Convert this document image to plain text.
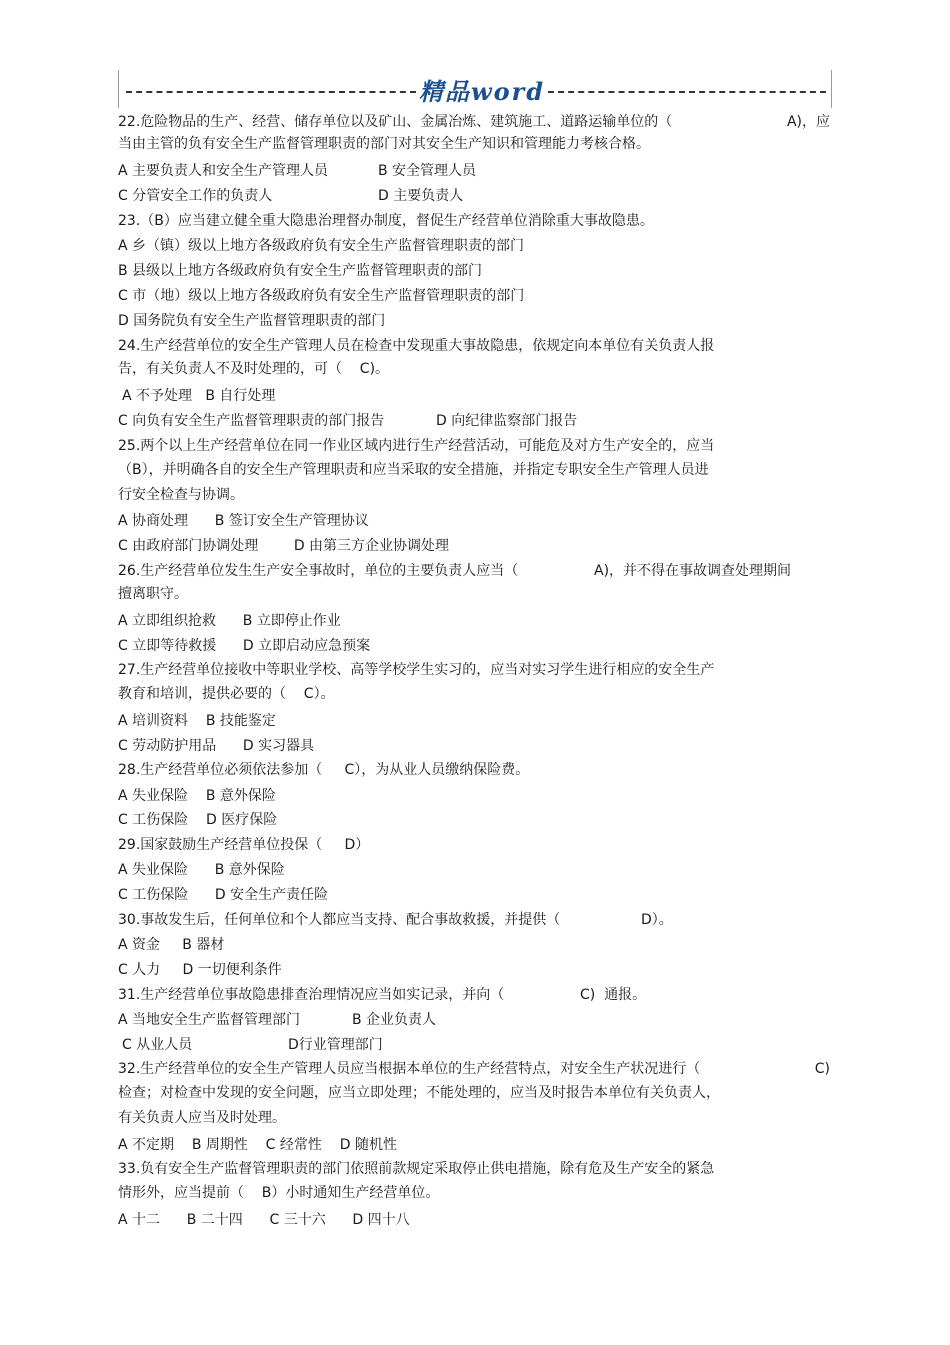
精品word
22.危险物品的生产、经营、储存单位以及矿山、金属冶炼、建筑施工、道路运输单位的（
当由主管的负有安全生产监督管理职责的部门对其安全生产知识和管理能力考核合格。
A 主要负责人和安全生产管理人员	B 安全管理人员
C 分管安全工作的负责人	D 主要负责人
23.（B）应当建立健全重大隐患治理督办制度，督促生产经营单位消除重大事故隐患。
A 乡（镇）级以上地方各级政府负有安全生产监督管理职责的部门
B 县级以上地方各级政府负有安全生产监督管理职责的部门
C 市（地）级以上地方各级政府负有安全生产监督管理职责的部门
D 国务院负有安全生产监督管理职责的部门
24.生产经营单位的安全生产管理人员在检查中发现重大事故隐患，依规定向本单位有关负责人报
告，有关负责人不及时处理的，可（    C)。
A 不予处理   B 自行处理
C 向负有安全生产监督管理职责的部门报告	D 向纪律监察部门报告
25.两个以上生产经营单位在同一作业区域内进行生产经营活动，可能危及对方生产安全的，应当
（B），并明确各自的安全生产管理职责和应当采取的安全措施，并指定专职安全生产管理人员进
行安全检查与协调。
A 协商处理      B 签订安全生产管理协议
C 由政府部门协调处理        D 由第三方企业协调处理
26.生产经营单位发生生产安全事故时，单位的主要负责人应当（	A)，并不得在事故调查处理期间
擅离职守。
A 立即组织抢救      B 立即停止作业
C 立即等待救援      D 立即启动应急预案
27.生产经营单位接收中等职业学校、高等学校学生实习的，应当对实习学生进行相应的安全生产
教育和培训，提供必要的（    C）。
A 培训资料    B 技能鉴定
C 劳动防护用品      D 实习器具
28.生产经营单位必须依法参加（     C），为从业人员缴纳保险费。
A 失业保险    B 意外保险
C 工伤保险    D 医疗保险
29.国家鼓励生产经营单位投保（     D）
A 失业保险      B 意外保险
C 工伤保险      D 安全生产责任险
30.事故发生后，任何单位和个人都应当支持、配合事故救援，并提供（	D）。
A 资金     B 器材
C 人力     D 一切便利条件
31.生产经营单位事故隐患排查治理情况应当如实记录，并向（	C)  通报。
A 当地安全生产监督管理部门	B 企业负责人
C 从业人员	D行业管理部门
32.生产经营单位的安全生产管理人员应当根据本单位的生产经营特点，对安全生产状况进行（
检查；对检查中发现的安全问题，应当立即处理；不能处理的，应当及时报告本单位有关负责人，
有关负责人应当及时处理。
A 不定期    B 周期性    C 经常性    D 随机性
33.负有安全生产监督管理职责的部门依照前款规定采取停止供电措施，除有危及生产安全的紧急
情形外，应当提前（    B）小时通知生产经营单位。
A 十二      B 二十四      C 三十六      D 四十八
A)，应
C)
